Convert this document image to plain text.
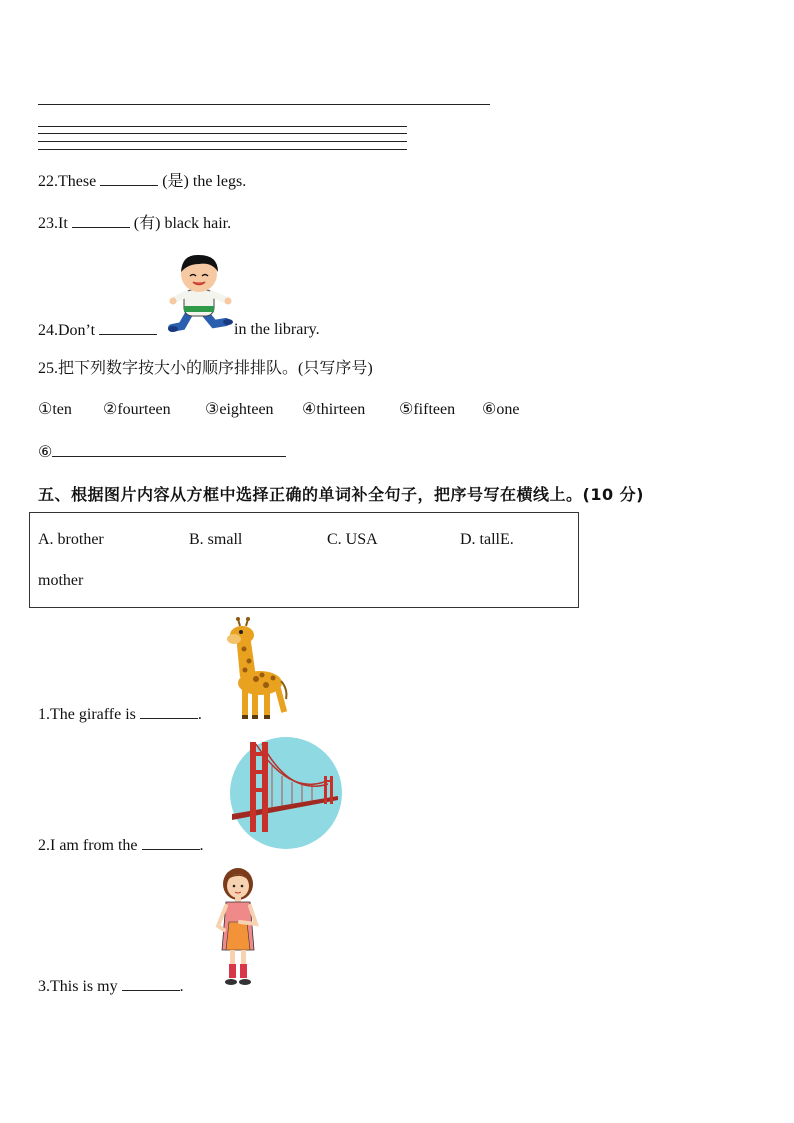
22.These	(是) the legs.
23.It	(有) black hair.
24.Don’t	in the library.
25.把下列数字按大小的顺序排排队。(只写序号)
①ten ②fourteen ③eighteen ④thirteen ⑤fifteen ⑥one
⑥
五、根据图片内容从方框中选择正确的单词补全句子，把序号写在横线上。(10 分)
A. brother	B. small	C. USA	D. tallE.
mother
1.The giraffe is	.
2.I am from the	.
3.This is my	.
